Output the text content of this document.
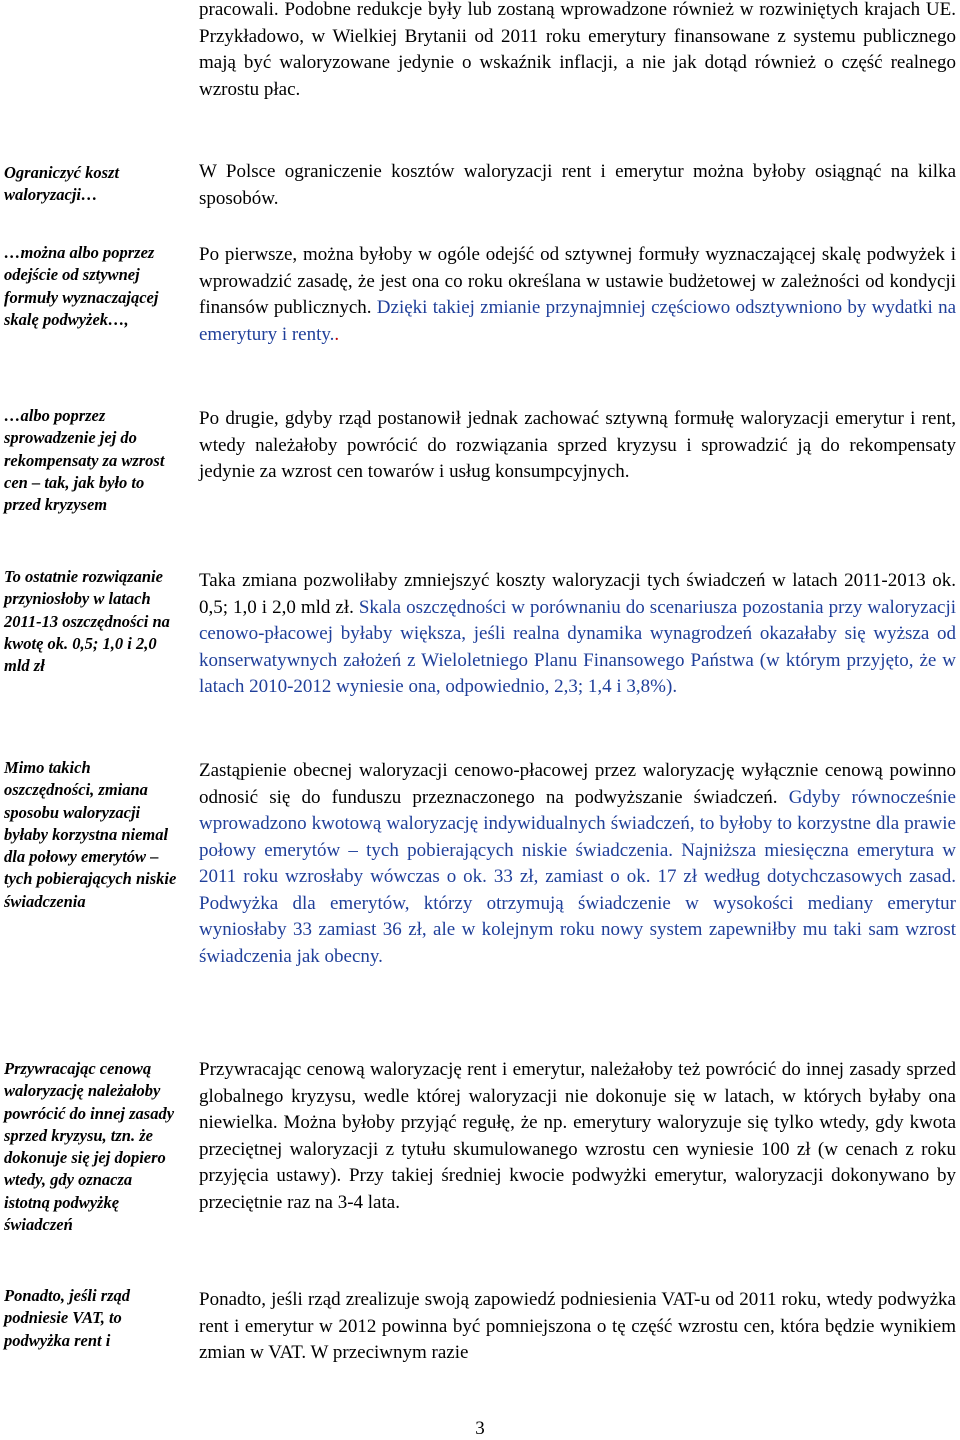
pracowali. Podobne redukcje były lub zostaną wprowadzone również w rozwiniętych krajach UE. Przykładowo, w Wielkiej Brytanii od 2011 roku emerytury finansowane z systemu publicznego mają być waloryzowane jedynie o wskaźnik inflacji, a nie jak dotąd również o część realnego wzrostu płac.

W Polsce ograniczenie kosztów waloryzacji rent i emerytur można byłoby osiągnąć na kilka sposobów.

Po pierwsze, można byłoby w ogóle odejść od sztywnej formuły wyznaczającej skalę podwyżek i wprowadzić zasadę, że jest ona co roku określana w ustawie budżetowej w zależności od kondycji finansów publicznych. Dzięki takiej zmianie przynajmniej częściowo odsztywniono by wydatki na emerytury i renty..

Po drugie, gdyby rząd postanowił jednak zachować sztywną formułę waloryzacji emerytur i rent, wtedy należałoby powrócić do rozwiązania sprzed kryzysu i sprowadzić ją do rekompensaty jedynie za wzrost cen towarów i usług konsumpcyjnych.

Taka zmiana pozwoliłaby zmniejszyć koszty waloryzacji tych świadczeń w latach 2011-2013 ok. 0,5; 1,0 i 2,0 mld zł. Skala oszczędności w porównaniu do scenariusza pozostania przy waloryzacji cenowo-płacowej byłaby większa, jeśli realna dynamika wynagrodzeń okazałaby się wyższa od konserwatywnych założeń z Wieloletniego Planu Finansowego Państwa (w którym przyjęto, że w latach 2010-2012 wyniesie ona, odpowiednio, 2,3; 1,4 i 3,8%).

Zastąpienie obecnej waloryzacji cenowo-płacowej przez waloryzację wyłącznie cenową powinno odnosić się do funduszu przeznaczonego na podwyższanie świadczeń. Gdyby równocześnie wprowadzono kwotową waloryzację indywidualnych świadczeń, to byłoby to korzystne dla prawie połowy emerytów – tych pobierających niskie świadczenia. Najniższa miesięczna emerytura w 2011 roku wzrosłaby wówczas o ok. 33 zł, zamiast o ok. 17 zł według dotychczasowych zasad. Podwyżka dla emerytów, którzy otrzymują świadczenie w wysokości mediany emerytur wyniosłaby 33 zamiast 36 zł, ale w kolejnym roku nowy system zapewniłby mu taki sam wzrost świadczenia jak obecny.

Przywracając cenową waloryzację rent i emerytur, należałoby też powrócić do innej zasady sprzed globalnego kryzysu, wedle której waloryzacji nie dokonuje się w latach, w których byłaby ona niewielka. Można byłoby przyjąć regułę, że np. emerytury waloryzuje się tylko wtedy, gdy kwota przeciętnej waloryzacji z tytułu skumulowanego wzrostu cen wyniesie 100 zł (w cenach z roku przyjęcia ustawy). Przy takiej średniej kwocie podwyżki emerytur, waloryzacji dokonywano by przeciętnie raz na 3-4 lata.

Ponadto, jeśli rząd zrealizuje swoją zapowiedź podniesienia VAT-u od 2011 roku, wtedy podwyżka rent i emerytur w 2012 powinna być pomniejszona o tę część wzrostu cen, która będzie wynikiem zmian w VAT. W przeciwnym razie

Ograniczyć koszt waloryzacji…

…można albo poprzez odejście od sztywnej formuły wyznaczającej skalę podwyżek…,

…albo poprzez sprowadzenie jej do rekompensaty za wzrost cen – tak, jak było to przed kryzysem

To ostatnie rozwiązanie przyniosłoby w latach 2011-13 oszczędności na kwotę ok. 0,5; 1,0 i 2,0 mld zł

Mimo takich oszczędności, zmiana sposobu waloryzacji byłaby korzystna niemal dla połowy emerytów – tych pobierających niskie świadczenia

Przywracając cenową waloryzację należałoby powrócić do innej zasady sprzed kryzysu, tzn. że dokonuje się jej dopiero wtedy, gdy oznacza istotną podwyżkę świadczeń

Ponadto, jeśli rząd podniesie VAT, to podwyżka rent i

3
